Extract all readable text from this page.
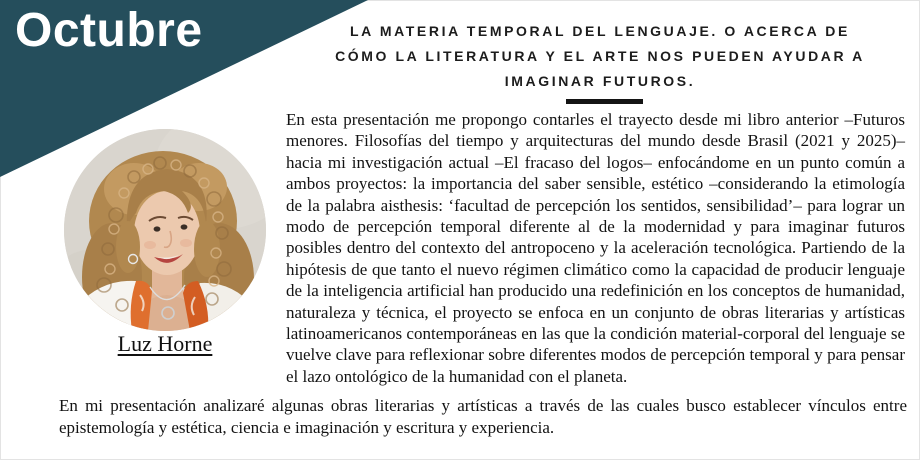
Octubre	LA MATERIA TEMPORAL DEL LENGUAJE. O ACERCA DE
CÓMO LA LITERATURA Y EL ARTE NOS PUEDEN AYUDAR A
IMAGINAR FUTUROS.
Luz Horne
En esta presentación me propongo contarles el trayecto desde mi libro anterior –Futuros menores. Filosofías del tiempo y arquitecturas del mundo desde Brasil (2021 y 2025)– hacia mi investigación actual –El fracaso del logos– enfocándome en un punto común a ambos proyectos: la importancia del saber sensible, estético –considerando la etimología de la palabra aisthesis: ‘facultad de percepción los sentidos, sensibilidad’– para lograr un modo de percepción temporal diferente al de la modernidad y para imaginar futuros posibles dentro del contexto del antropoceno y la aceleración tecnológica. Partiendo de la hipótesis de que tanto el nuevo régimen climático como la capacidad de producir lenguaje de la inteligencia artificial han producido una redefinición en los conceptos de humanidad, naturaleza y técnica, el proyecto se enfoca en un conjunto de obras literarias y artísticas latinoamericanos contemporáneas en las que la condición material-corporal del lenguaje se vuelve clave para reflexionar sobre diferentes modos de percepción temporal y para pensar el lazo ontológico de la humanidad con el planeta.
En mi presentación analizaré algunas obras literarias y artísticas a través de las cuales busco establecer vínculos entre epistemología y estética, ciencia e imaginación y escritura y experiencia.
